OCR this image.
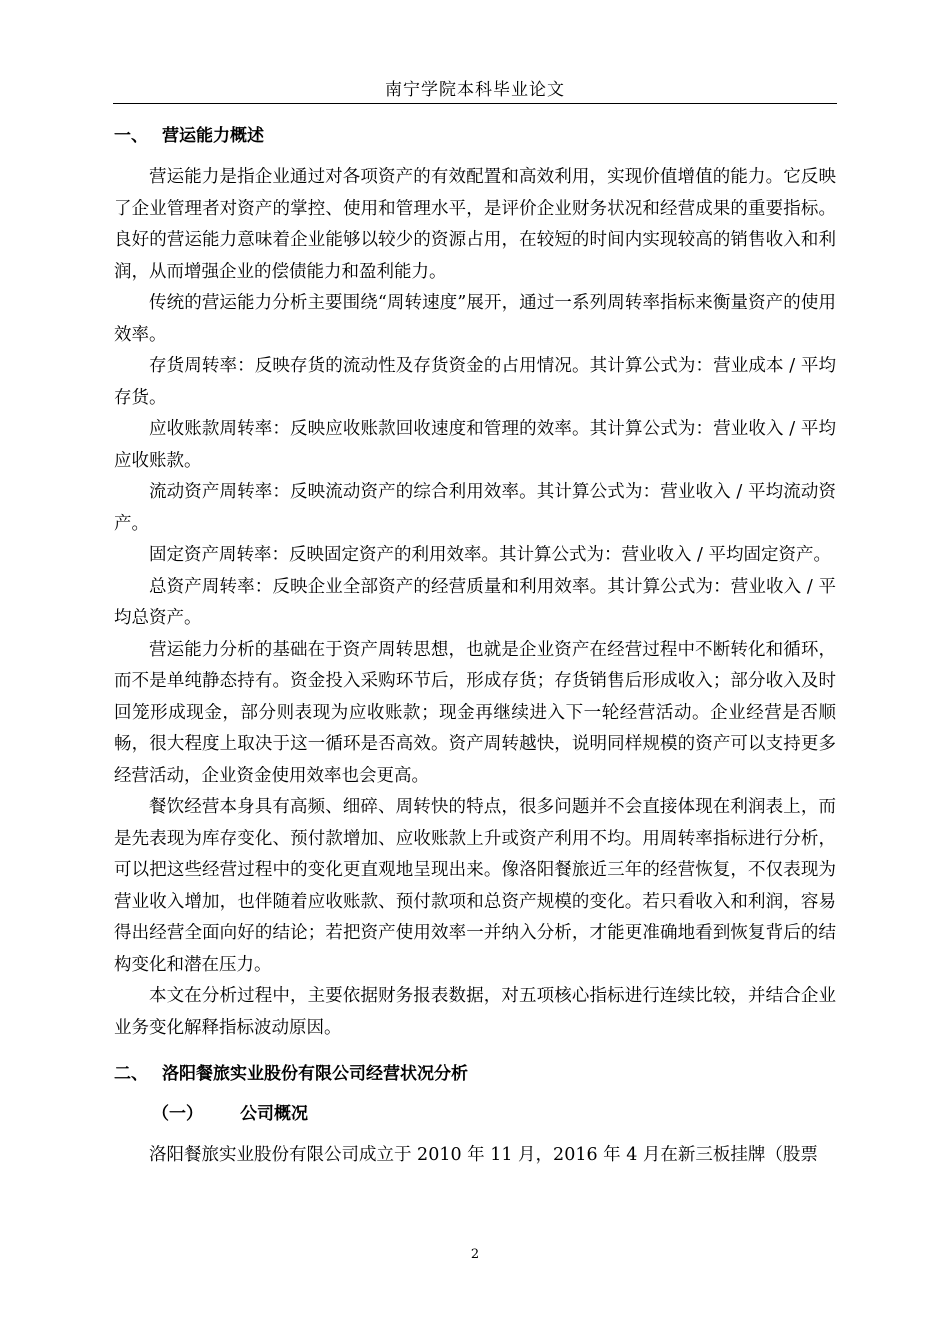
南宁学院本科毕业论文
一、 营运能力概述

营运能力是指企业通过对各项资产的有效配置和高效利用，实现价值增值的能力。它反映了企业管理者对资产的掌控、使用和管理水平，是评价企业财务状况和经营成果的重要指标。良好的营运能力意味着企业能够以较少的资源占用，在较短的时间内实现较高的销售收入和利润，从而增强企业的偿债能力和盈利能力。

传统的营运能力分析主要围绕“周转速度”展开，通过一系列周转率指标来衡量资产的使用效率。

存货周转率：反映存货的流动性及存货资金的占用情况。其计算公式为：营业成本 / 平均存货。

应收账款周转率：反映应收账款回收速度和管理的效率。其计算公式为：营业收入 / 平均应收账款。

流动资产周转率：反映流动资产的综合利用效率。其计算公式为：营业收入 / 平均流动资产。

固定资产周转率：反映固定资产的利用效率。其计算公式为：营业收入 / 平均固定资产。

总资产周转率：反映企业全部资产的经营质量和利用效率。其计算公式为：营业收入 / 平均总资产。

营运能力分析的基础在于资产周转思想，也就是企业资产在经营过程中不断转化和循环，而不是单纯静态持有。资金投入采购环节后，形成存货；存货销售后形成收入；部分收入及时回笼形成现金，部分则表现为应收账款；现金再继续进入下一轮经营活动。企业经营是否顺畅，很大程度上取决于这一循环是否高效。资产周转越快，说明同样规模的资产可以支持更多经营活动，企业资金使用效率也会更高。

餐饮经营本身具有高频、细碎、周转快的特点，很多问题并不会直接体现在利润表上，而是先表现为库存变化、预付款增加、应收账款上升或资产利用不均。用周转率指标进行分析，可以把这些经营过程中的变化更直观地呈现出来。像洛阳餐旅近三年的经营恢复，不仅表现为营业收入增加，也伴随着应收账款、预付款项和总资产规模的变化。若只看收入和利润，容易得出经营全面向好的结论；若把资产使用效率一并纳入分析，才能更准确地看到恢复背后的结构变化和潜在压力。

本文在分析过程中，主要依据财务报表数据，对五项核心指标进行连续比较，并结合企业业务变化解释指标波动原因。

二、 洛阳餐旅实业股份有限公司经营状况分析
（一） 公司概况

洛阳餐旅实业股份有限公司成立于 2010 年 11 月，2016 年 4 月在新三板挂牌（股票

2
